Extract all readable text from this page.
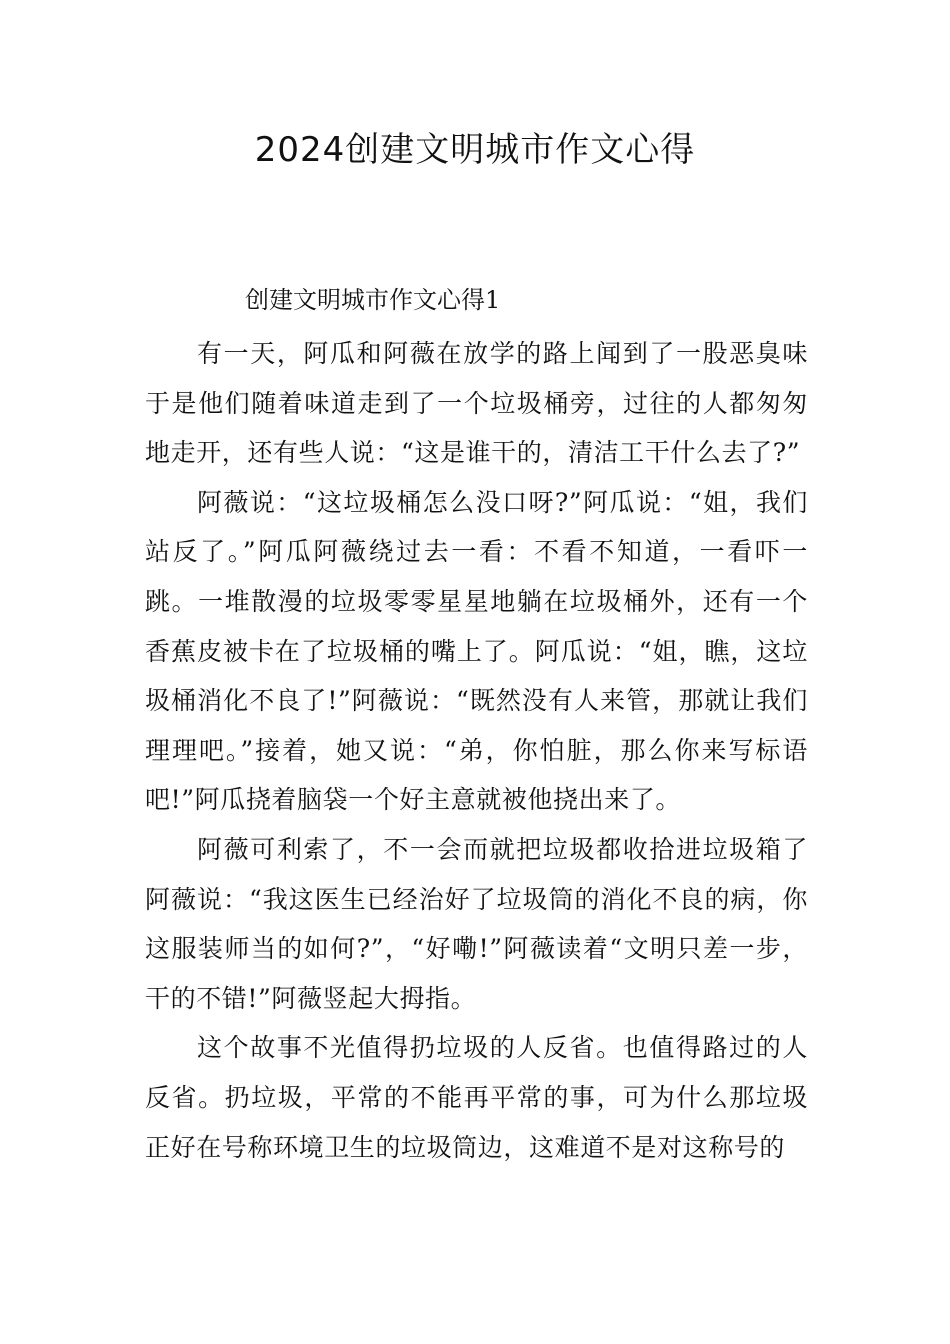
2024创建文明城市作文心得

创建文明城市作文心得1

有一天，阿瓜和阿薇在放学的路上闻到了一股恶臭味于是他们随着味道走到了一个垃圾桶旁，过往的人都匆匆地走开，还有些人说：“这是谁干的，清洁工干什么去了?”

阿薇说：“这垃圾桶怎么没口呀?”阿瓜说：“姐，我们站反了。”阿瓜阿薇绕过去一看：不看不知道，一看吓一跳。一堆散漫的垃圾零零星星地躺在垃圾桶外，还有一个香蕉皮被卡在了垃圾桶的嘴上了。阿瓜说：“姐，瞧，这垃圾桶消化不良了!”阿薇说：“既然没有人来管，那就让我们理理吧。”接着，她又说：“弟，你怕脏，那么你来写标语吧!”阿瓜挠着脑袋一个好主意就被他挠出来了。

阿薇可利索了，不一会而就把垃圾都收拾进垃圾箱了阿薇说：“我这医生已经治好了垃圾筒的消化不良的病，你这服装师当的如何?”，“好嘞!”阿薇读着“文明只差一步，干的不错!”阿薇竖起大拇指。

这个故事不光值得扔垃圾的人反省。也值得路过的人反省。扔垃圾，平常的不能再平常的事，可为什么那垃圾正好在号称环境卫生的垃圾筒边，这难道不是对这称号的
